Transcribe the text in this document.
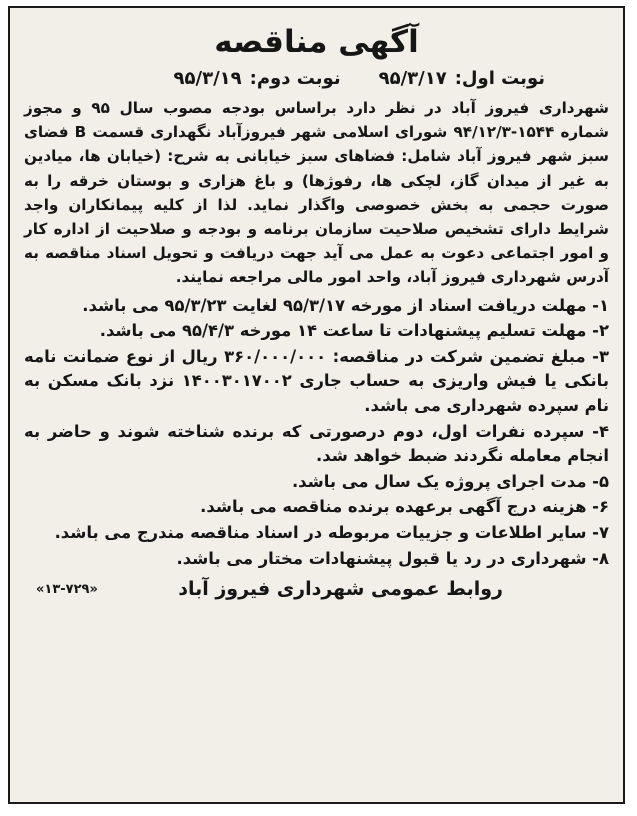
آگهی مناقصه
نوبت اول:۹۵/۳/۱۷
نوبت دوم:۹۵/۳/۱۹

شهرداری فیروز آباد در نظر دارد براساس بودجه مصوب سال ۹۵ و مجوز شماره ۱۵۴۴-۹۴/۱۲/۳ شورای اسلامی شهر فیروزآباد نگهداری قسمت B فضای سبز شهر فیروز آباد شامل: فضاهای سبز خیابانی به شرح: (خیابان ها، میادین به غیر از میدان گاز، لچکی ها، رفوژها) و باغ هزاری و بوستان خرقه را به صورت حجمی به بخش خصوصی واگذار نماید. لذا از کلیه پیمانکاران واجد شرایط دارای تشخیص صلاحیت سازمان برنامه و بودجه و صلاحیت از اداره کار و امور اجتماعی دعوت به عمل می آید جهت دریافت و تحویل اسناد مناقصه به آدرس شهرداری فیروز آباد، واحد امور مالی مراجعه نمایند.

۱- مهلت دریافت اسناد از مورخه ۹۵/۳/۱۷ لغایت ۹۵/۳/۲۳ می باشد.

۲- مهلت تسلیم پیشنهادات تا ساعت ۱۴ مورخه ۹۵/۴/۳ می باشد.

۳- مبلغ تضمین شرکت در مناقصه: ۳۶۰/۰۰۰/۰۰۰ ریال از نوع ضمانت نامه بانکی یا فیش واریزی به حساب جاری ۱۴۰۰۳۰۱۷۰۰۲ نزد بانک مسکن به نام سپرده شهرداری می باشد.

۴- سپرده نفرات اول، دوم درصورتی که برنده شناخته شوند و حاضر به انجام معامله نگردند ضبط خواهد شد.

۵- مدت اجرای پروژه یک سال می باشد.

۶- هزینه درج آگهی برعهده برنده مناقصه می باشد.

۷- سایر اطلاعات و جزییات مربوطه در اسناد مناقصه مندرج می باشد.

۸- شهرداری در رد یا قبول پیشنهادات مختار می باشد.

روابط عمومی شهرداری فیروز آباد
«۱۳-۷۲۹»
